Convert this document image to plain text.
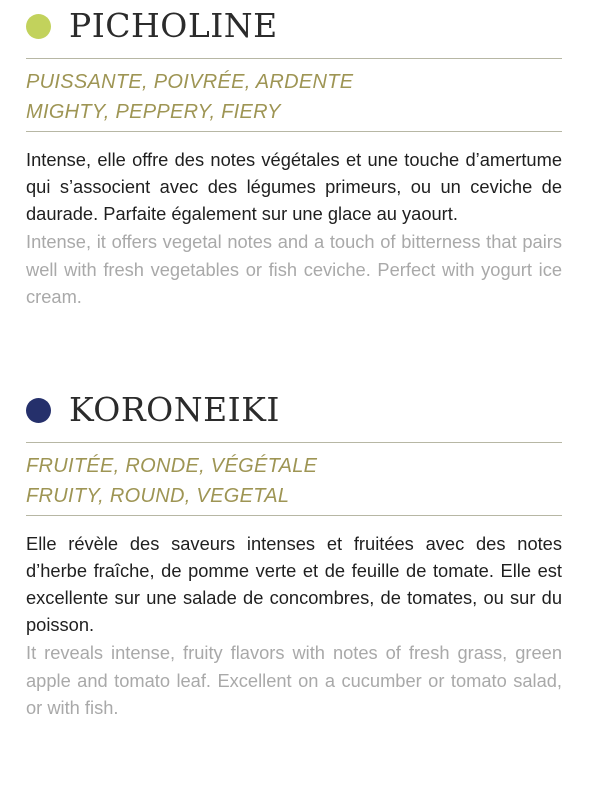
PICHOLINE
PUISSANTE, POIVRÉE, ARDENTE
MIGHTY, PEPPERY, FIERY
Intense, elle offre des notes végétales et une touche d’amertume qui s’associent avec des légumes primeurs, ou un ceviche de daurade. Parfaite également sur une glace au yaourt.
Intense, it offers vegetal notes and a touch of bitterness that pairs well with fresh vegetables or fish ceviche. Perfect with yogurt ice cream.
KORONEIKI
FRUITÉE, RONDE, VÉGÉTALE
FRUITY, ROUND, VEGETAL
Elle révèle des saveurs intenses et fruitées avec des notes d’herbe fraîche, de pomme verte et de feuille de tomate. Elle est excellente sur une salade de concombres, de tomates, ou sur du poisson.
It reveals intense, fruity flavors with notes of fresh grass, green apple and tomato leaf. Excellent on a cucumber or tomato salad, or with fish.
